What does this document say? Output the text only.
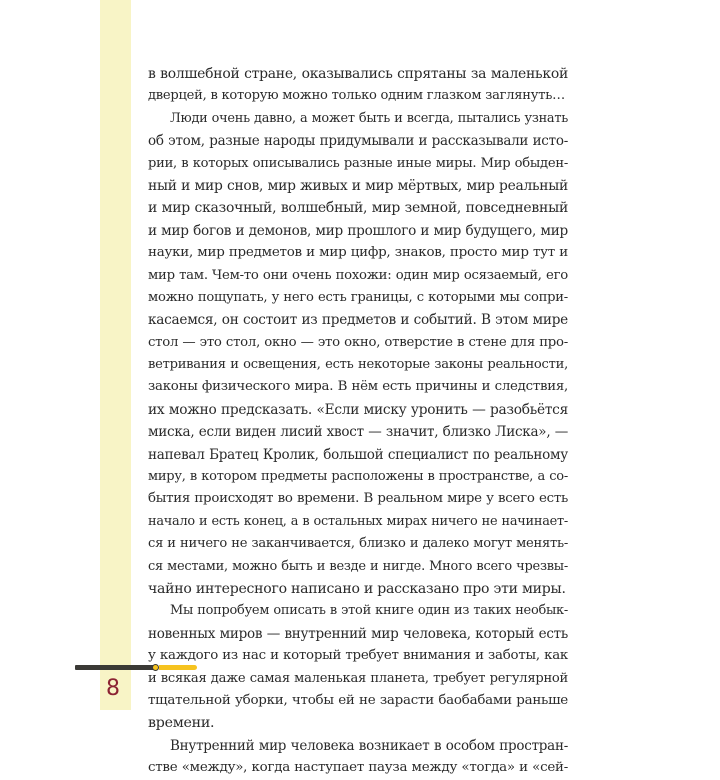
в волшебной стране, оказывались спрятаны за маленькой
дверцей, в которую можно только одним глазком заглянуть…
Люди очень давно, а может быть и всегда, пытались узнать
об этом, разные народы придумывали и рассказывали исто-
рии, в которых описывались разные иные миры. Мир обыден-
ный и мир снов, мир живых и мир мёртвых, мир реальный
и мир сказочный, волшебный, мир земной, повседневный
и мир богов и демонов, мир прошлого и мир будущего, мир
науки, мир предметов и мир цифр, знаков, просто мир тут и
мир там. Чем-то они очень похожи: один мир осязаемый, его
можно пощупать, у него есть границы, с которыми мы сопри-
касаемся, он состоит из предметов и событий. В этом мире
стол — это стол, окно — это окно, отверстие в стене для про-
ветривания и освещения, есть некоторые законы реальности,
законы физического мира. В нём есть причины и следствия,
их можно предсказать. «Если миску уронить — разобьётся
миска, если виден лисий хвост — значит, близко Лиска», —
напевал Братец Кролик, большой специалист по реальному
миру, в котором предметы расположены в пространстве, а со-
бытия происходят во времени. В реальном мире у всего есть
начало и есть конец, а в остальных мирах ничего не начинает-
ся и ничего не заканчивается, близко и далеко могут менять-
ся местами, можно быть и везде и нигде. Много всего чрезвы-
чайно интересного написано и рассказано про эти миры.
Мы попробуем описать в этой книге один из таких необык-
новенных миров — внутренний мир человека, который есть
у каждого из нас и который требует внимания и заботы, как
и всякая даже самая маленькая планета, требует регулярной
тщательной уборки, чтобы ей не зарасти баобабами раньше
времени.
Внутренний мир человека возникает в особом простран-
стве «между», когда наступает пауза между «тогда» и «сей-
8
